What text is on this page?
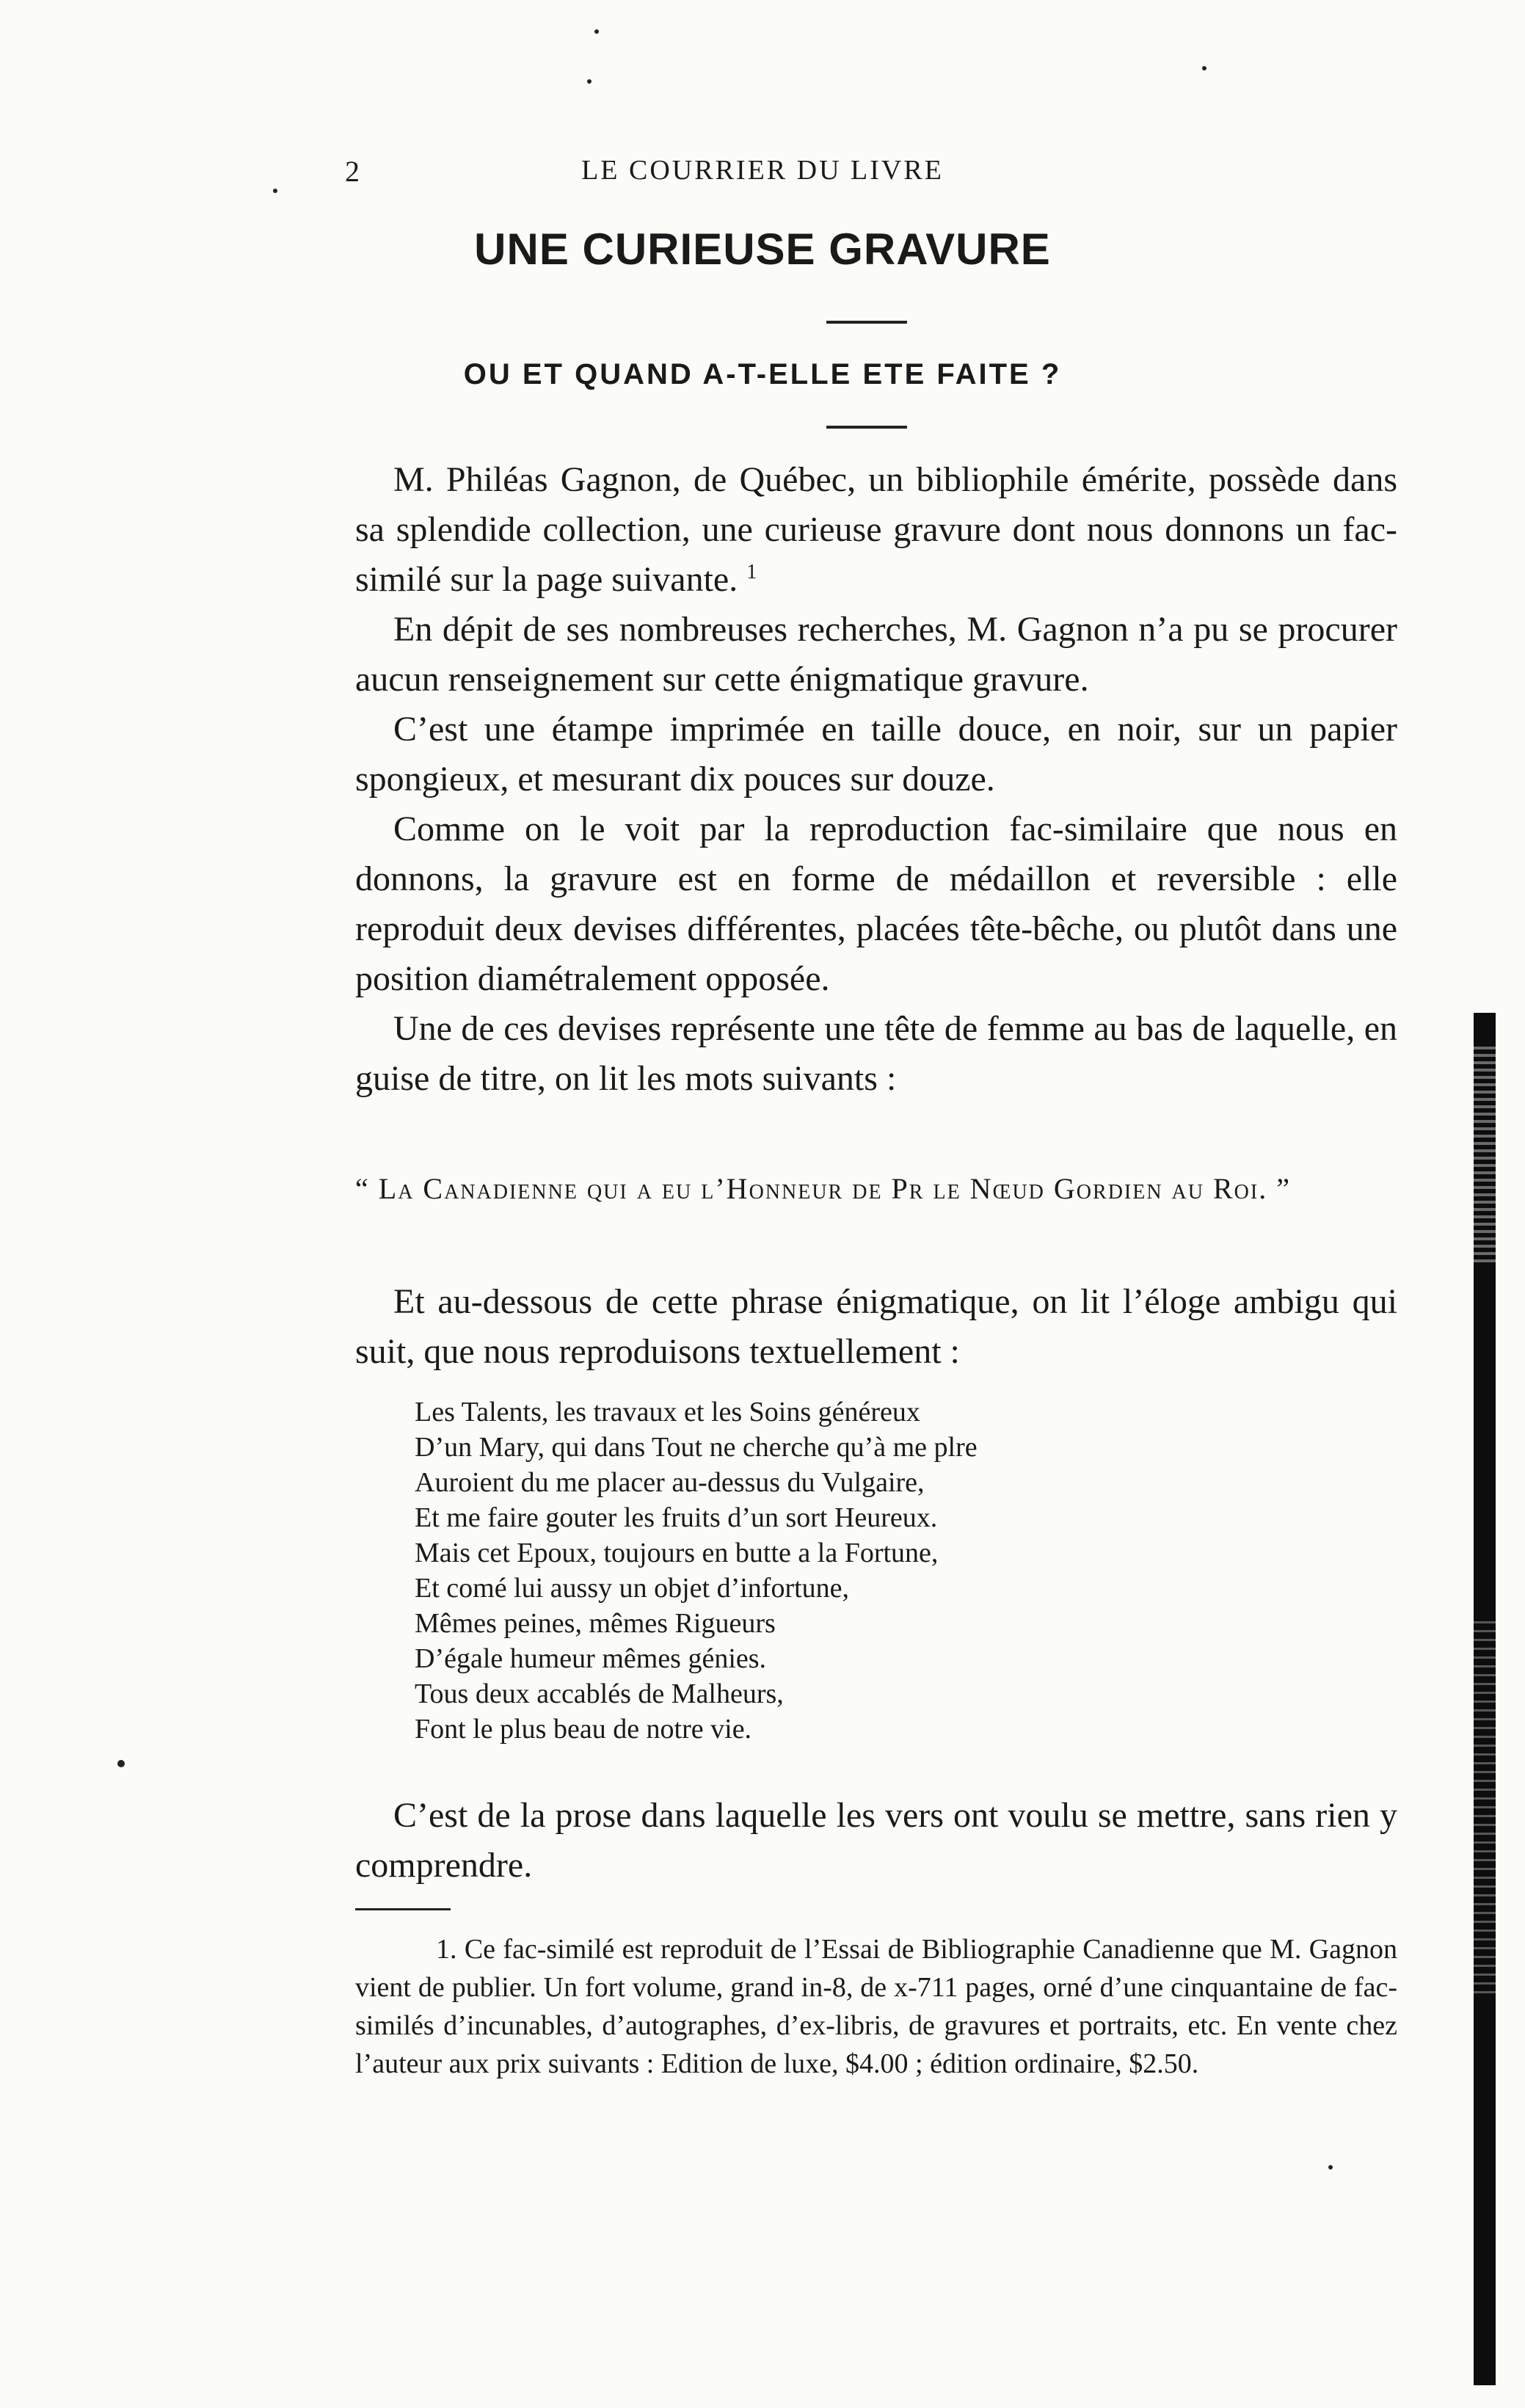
2	LE COURRIER DU LIVRE
UNE CURIEUSE GRAVURE
OU ET QUAND A-T-ELLE ETE FAITE ?

M. Philéas Gagnon, de Québec, un bibliophile émérite, possède dans sa splendide collection, une curieuse gravure dont nous donnons un fac-similé sur la page suivante. $^1$

En dépit de ses nombreuses recherches, M. Gagnon n’a pu se procurer aucun renseignement sur cette énigmatique gravure.

C’est une étampe imprimée en taille douce, en noir, sur un papier spongieux, et mesurant dix pouces sur douze.

Comme on le voit par la reproduction fac-similaire que nous en donnons, la gravure est en forme de médaillon et reversible : elle reproduit deux devises différentes, placées tête-bêche, ou plutôt dans une position diamétralement opposée.

Une de ces devises représente une tête de femme au bas de laquelle, en guise de titre, on lit les mots suivants :

“ La Canadienne qui a eu l’Honneur de Pr le Nœud Gordien au Roi. ”

Et au-dessous de cette phrase énigmatique, on lit l’éloge ambigu qui suit, que nous reproduisons textuellement :

Les Talents, les travaux et les Soins généreux
D’un Mary, qui dans Tout ne cherche qu’à me plre
Auroient du me placer au-dessus du Vulgaire,
Et me faire gouter les fruits d’un sort Heureux.
Mais cet Epoux, toujours en butte a la Fortune,
Et comé lui aussy un objet d’infortune,
Mêmes peines, mêmes Rigueurs
D’égale humeur mêmes génies.
Tous deux accablés de Malheurs,
Font le plus beau de notre vie.

C’est de la prose dans laquelle les vers ont voulu se mettre, sans rien y comprendre.

1. Ce fac-similé est reproduit de l’Essai de Bibliographie Canadienne que M. Gagnon vient de publier. Un fort volume, grand in-8, de x-711 pages, orné d’une cinquantaine de fac-similés d’incunables, d’autographes, d’ex-libris, de gravures et portraits, etc. En vente chez l’auteur aux prix suivants : Edition de luxe, $4.00 ; édition ordinaire, $2.50.
